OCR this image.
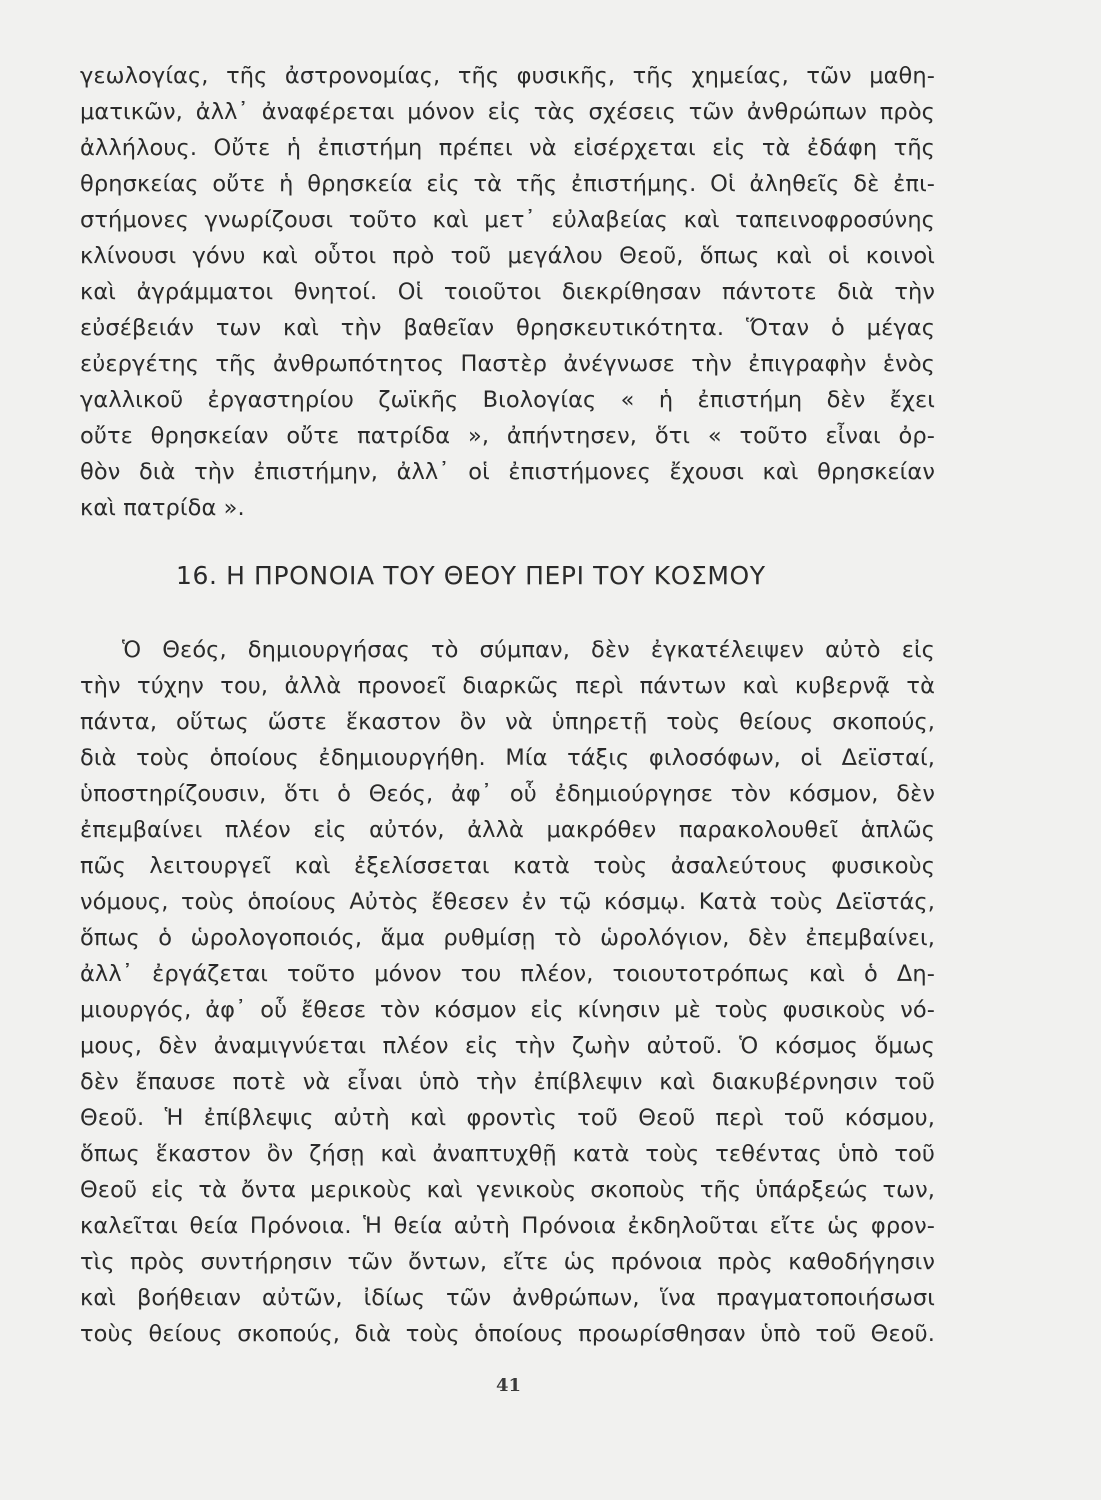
γεωλογίας, τῆς ἀστρονομίας, τῆς φυσικῆς, τῆς χημείας, τῶν μαθη-
ματικῶν, ἀλλ᾽ ἀναφέρεται μόνον εἰς τὰς σχέσεις τῶν ἀνθρώπων πρὸς
ἀλλήλους. Οὔτε ἡ ἐπιστήμη πρέπει νὰ εἰσέρχεται εἰς τὰ ἐδάφη τῆς
θρησκείας οὔτε ἡ θρησκεία εἰς τὰ τῆς ἐπιστήμης. Οἱ ἀληθεῖς δὲ ἐπι-
στήμονες γνωρίζουσι τοῦτο καὶ μετ᾽ εὐλαβείας καὶ ταπεινοφροσύνης
κλίνουσι γόνυ καὶ οὗτοι πρὸ τοῦ μεγάλου Θεοῦ, ὅπως καὶ οἱ κοινοὶ
καὶ ἀγράμματοι θνητοί. Οἱ τοιοῦτοι διεκρίθησαν πάντοτε διὰ τὴν
εὐσέβειάν των καὶ τὴν βαθεῖαν θρησκευτικότητα. Ὅταν ὁ μέγας
εὐεργέτης τῆς ἀνθρωπότητος Παστὲρ ἀνέγνωσε τὴν ἐπιγραφὴν ἑνὸς
γαλλικοῦ ἐργαστηρίου ζωϊκῆς Βιολογίας « ἡ ἐπιστήμη δὲν ἔχει
οὔτε θρησκείαν οὔτε πατρίδα », ἀπήντησεν, ὅτι « τοῦτο εἶναι ὀρ-
θὸν διὰ τὴν ἐπιστήμην, ἀλλ᾽ οἱ ἐπιστήμονες ἔχουσι καὶ θρησκείαν
καὶ πατρίδα ».
16. Η ΠΡΟΝΟΙΑ ΤΟΥ ΘΕΟΥ ΠΕΡΙ ΤΟΥ ΚΟΣΜΟΥ
Ὁ Θεός, δημιουργήσας τὸ σύμπαν, δὲν ἐγκατέλειψεν αὐτὸ εἰς
τὴν τύχην του, ἀλλὰ προνοεῖ διαρκῶς περὶ πάντων καὶ κυβερνᾷ τὰ
πάντα, οὕτως ὥστε ἕκαστον ὂν νὰ ὑπηρετῇ τοὺς θείους σκοπούς,
διὰ τοὺς ὁποίους ἐδημιουργήθη. Μία τάξις φιλοσόφων, οἱ Δεϊσταί,
ὑποστηρίζουσιν, ὅτι ὁ Θεός, ἀφ᾽ οὗ ἐδημιούργησε τὸν κόσμον, δὲν
ἐπεμβαίνει πλέον εἰς αὐτόν, ἀλλὰ μακρόθεν παρακολουθεῖ ἁπλῶς
πῶς λειτουργεῖ καὶ ἐξελίσσεται κατὰ τοὺς ἀσαλεύτους φυσικοὺς
νόμους, τοὺς ὁποίους Αὐτὸς ἔθεσεν ἐν τῷ κόσμῳ. Κατὰ τοὺς Δεϊστάς,
ὅπως ὁ ὡρολογοποιός, ἅμα ρυθμίσῃ τὸ ὡρολόγιον, δὲν ἐπεμβαίνει,
ἀλλ᾽ ἐργάζεται τοῦτο μόνον του πλέον, τοιουτοτρόπως καὶ ὁ Δη-
μιουργός, ἀφ᾽ οὗ ἔθεσε τὸν κόσμον εἰς κίνησιν μὲ τοὺς φυσικοὺς νό-
μους, δὲν ἀναμιγνύεται πλέον εἰς τὴν ζωὴν αὐτοῦ. Ὁ κόσμος ὅμως
δὲν ἔπαυσε ποτὲ νὰ εἶναι ὑπὸ τὴν ἐπίβλεψιν καὶ διακυβέρνησιν τοῦ
Θεοῦ. Ἡ ἐπίβλεψις αὐτὴ καὶ φροντὶς τοῦ Θεοῦ περὶ τοῦ κόσμου,
ὅπως ἕκαστον ὂν ζήσῃ καὶ ἀναπτυχθῇ κατὰ τοὺς τεθέντας ὑπὸ τοῦ
Θεοῦ εἰς τὰ ὄντα μερικοὺς καὶ γενικοὺς σκοποὺς τῆς ὑπάρξεώς των,
καλεῖται θεία Πρόνοια. Ἡ θεία αὐτὴ Πρόνοια ἐκδηλοῦται εἴτε ὡς φρον-
τὶς πρὸς συντήρησιν τῶν ὄντων, εἴτε ὡς πρόνοια πρὸς καθοδήγησιν
καὶ βοήθειαν αὐτῶν, ἰδίως τῶν ἀνθρώπων, ἵνα πραγματοποιήσωσι
τοὺς θείους σκοπούς, διὰ τοὺς ὁποίους προωρίσθησαν ὑπὸ τοῦ Θεοῦ.
41
